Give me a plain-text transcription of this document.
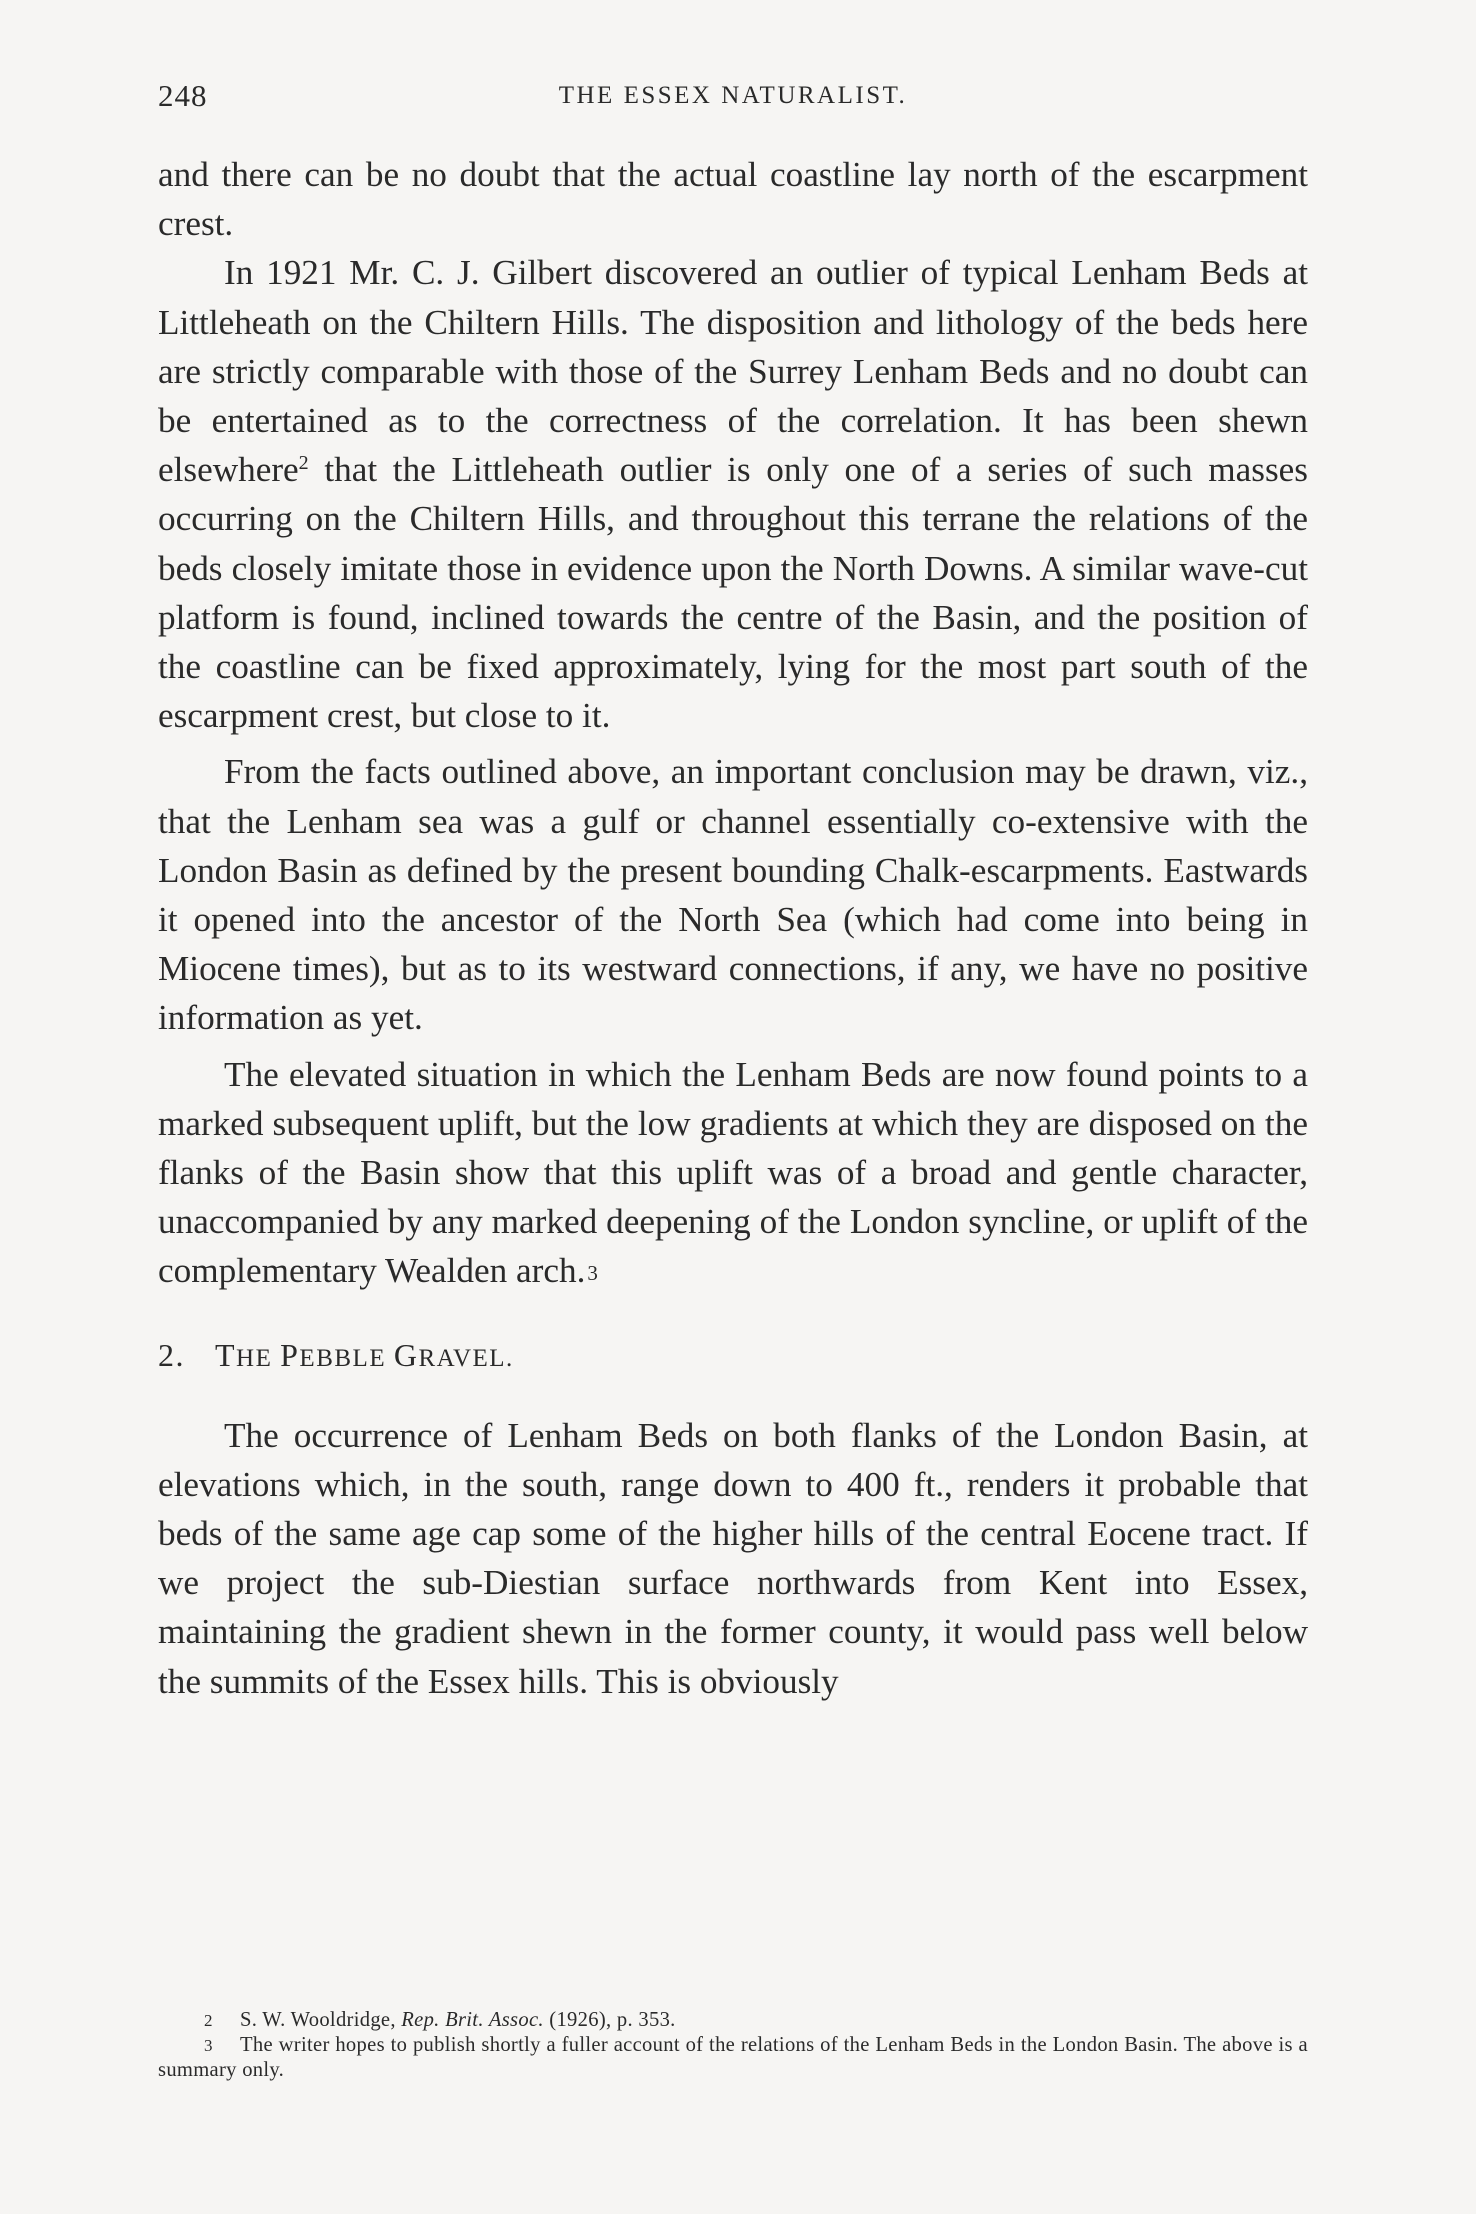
248	THE ESSEX NATURALIST.

and there can be no doubt that the actual coastline lay north of the escarpment crest.

In 1921 Mr. C. J. Gilbert discovered an outlier of typical Lenham Beds at Littleheath on the Chiltern Hills. The disposition and lithology of the beds here are strictly comparable with those of the Surrey Lenham Beds and no doubt can be entertained as to the correctness of the correlation. It has been shewn elsewhere$^2$ that the Littleheath outlier is only one of a series of such masses occurring on the Chiltern Hills, and throughout this terrane the relations of the beds closely imitate those in evidence upon the North Downs. A similar wave-cut platform is found, inclined towards the centre of the Basin, and the position of the coastline can be fixed approximately, lying for the most part south of the escarpment crest, but close to it.

From the facts outlined above, an important conclusion may be drawn, viz., that the Lenham sea was a gulf or channel essentially co-extensive with the London Basin as defined by the present bounding Chalk-escarpments. Eastwards it opened into the ancestor of the North Sea (which had come into being in Miocene times), but as to its westward connections, if any, we have no positive information as yet.

The elevated situation in which the Lenham Beds are now found points to a marked subsequent uplift, but the low gradients at which they are disposed on the flanks of the Basin show that this uplift was of a broad and gentle character, unaccompanied by any marked deepening of the London syncline, or uplift of the complementary Wealden arch.3

2. THE PEBBLE GRAVEL.

The occurrence of Lenham Beds on both flanks of the London Basin, at elevations which, in the south, range down to 400 ft., renders it probable that beds of the same age cap some of the higher hills of the central Eocene tract. If we project the sub-Diestian surface northwards from Kent into Essex, maintaining the gradient shewn in the former county, it would pass well below the summits of the Essex hills. This is obviously

2 S. W. Wooldridge, Rep. Brit. Assoc. (1926), p. 353.

3 The writer hopes to publish shortly a fuller account of the relations of the Lenham Beds in the London Basin. The above is a summary only.
